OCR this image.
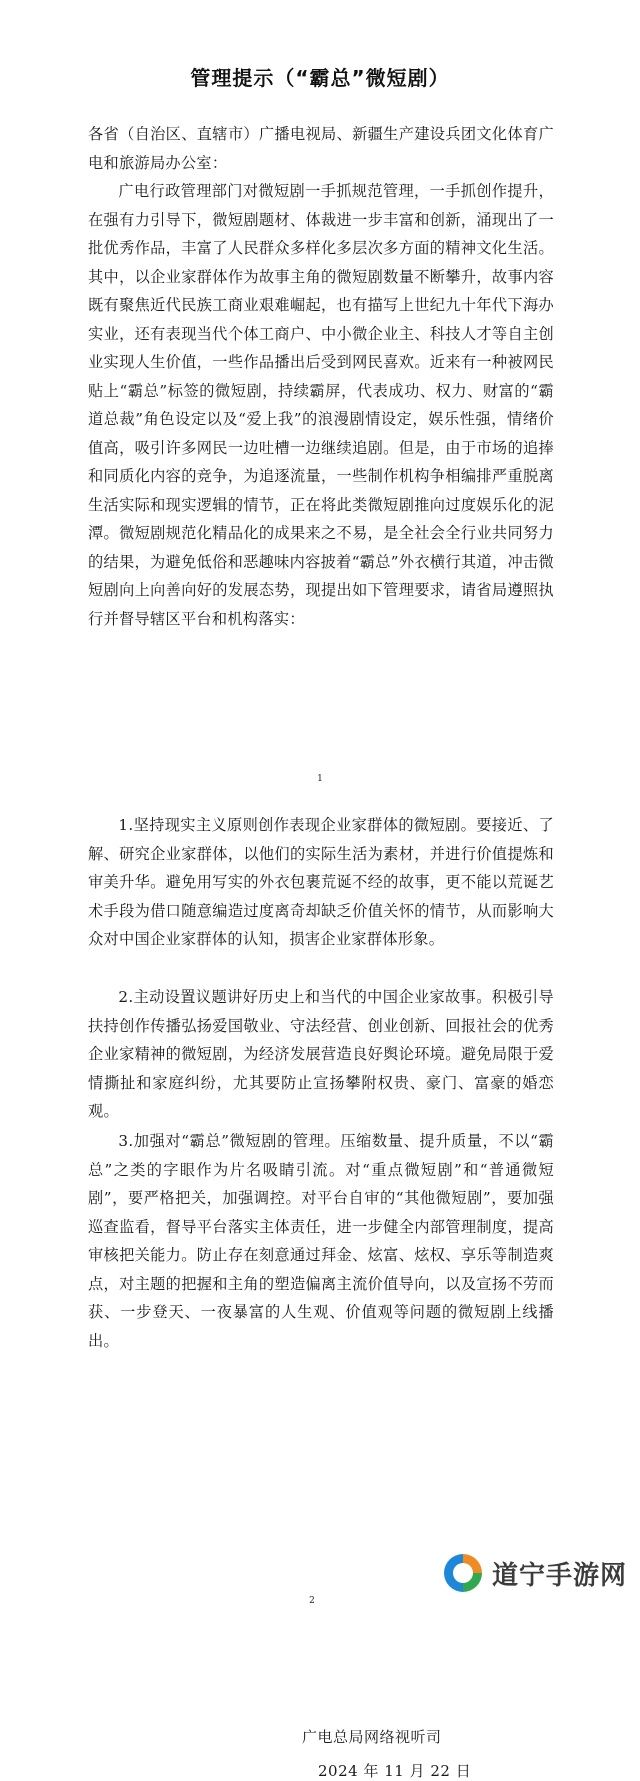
管理提示（“霸总”微短剧）

各省（自治区、直辖市）广播电视局、新疆生产建设兵团文化体育广电和旅游局办公室：

广电行政管理部门对微短剧一手抓规范管理，一手抓创作提升，在强有力引导下，微短剧题材、体裁进一步丰富和创新，涌现出了一批优秀作品，丰富了人民群众多样化多层次多方面的精神文化生活。其中，以企业家群体作为故事主角的微短剧数量不断攀升，故事内容既有聚焦近代民族工商业艰难崛起，也有描写上世纪九十年代下海办实业，还有表现当代个体工商户、中小微企业主、科技人才等自主创业实现人生价值，一些作品播出后受到网民喜欢。近来有一种被网民贴上“霸总”标签的微短剧，持续霸屏，代表成功、权力、财富的“霸道总裁”角色设定以及“爱上我”的浪漫剧情设定，娱乐性强，情绪价值高，吸引许多网民一边吐槽一边继续追剧。但是，由于市场的追捧和同质化内容的竞争，为追逐流量，一些制作机构争相编排严重脱离生活实际和现实逻辑的情节，正在将此类微短剧推向过度娱乐化的泥潭。微短剧规范化精品化的成果来之不易，是全社会全行业共同努力的结果，为避免低俗和恶趣味内容披着“霸总”外衣横行其道，冲击微短剧向上向善向好的发展态势，现提出如下管理要求，请省局遵照执行并督导辖区平台和机构落实：

1

1.坚持现实主义原则创作表现企业家群体的微短剧。要接近、了解、研究企业家群体，以他们的实际生活为素材，并进行价值提炼和审美升华。避免用写实的外衣包裹荒诞不经的故事，更不能以荒诞艺术手段为借口随意编造过度离奇却缺乏价值关怀的情节，从而影响大众对中国企业家群体的认知，损害企业家群体形象。

2.主动设置议题讲好历史上和当代的中国企业家故事。积极引导扶持创作传播弘扬爱国敬业、守法经营、创业创新、回报社会的优秀企业家精神的微短剧，为经济发展营造良好舆论环境。避免局限于爱情撕扯和家庭纠纷，尤其要防止宣扬攀附权贵、豪门、富豪的婚恋观。

3.加强对“霸总”微短剧的管理。压缩数量、提升质量，不以“霸总”之类的字眼作为片名吸睛引流。对“重点微短剧”和“普通微短剧”，要严格把关，加强调控。对平台自审的“其他微短剧”，要加强巡查监看，督导平台落实主体责任，进一步健全内部管理制度，提高审核把关能力。防止存在刻意通过拜金、炫富、炫权、享乐等制造爽点，对主题的把握和主角的塑造偏离主流价值导向，以及宣扬不劳而获、一步登天、一夜暴富的人生观、价值观等问题的微短剧上线播出。

广电总局网络视听司
2024 年 11 月 22 日
2
道宁手游网
